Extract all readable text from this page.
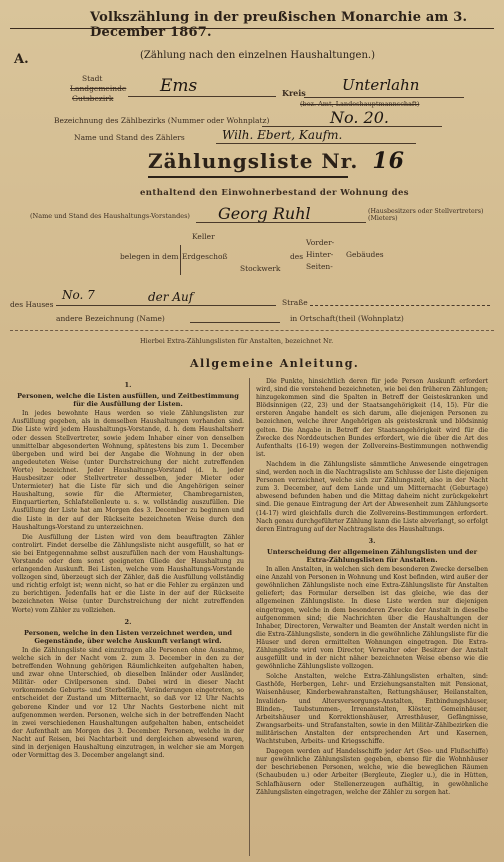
Volkszählung in der preußischen Monarchie am 3. December 1867.
A.	(Zählung nach den einzelnen Haushaltungen.)
Stadt
Landgemeinde
Gutsbezirk
Ems	Kreis Unterlahn
(bez. Amt, Landeshauptmannschaft)
Bezeichnung des Zählbezirks (Nummer oder Wohnplatz)	No. 20.
Name und Stand des Zählers	Wilh. Ebert, Kaufm.
Zählungsliste Nr. 16
enthaltend den Einwohnerbestand der Wohnung des
(Name und Stand des Haushaltungs-Vorstandes) Georg Ruhl	(Hausbesitzers oder Stellvertreters) (Mieters)
Keller
belegen in dem Erdgeschoß
Stockwerk
des
Vorder-
Hinter-
Seiten-
Gebäudes
des Hauses
No. 7	der Auf	Straße
andere Bezeichnung (Name)	in Ortschaft(theil (Wohnplatz)
Hierbei Extra-Zählungslisten für Anstalten, bezeichnet Nr.
Allgemeine Anleitung.
1.
Personen, welche die Listen ausfüllen, und Zeitbestimmung für die Ausfüllung der Listen.
In jedes bewohnte Haus werden so viele Zählungslisten zur Ausfüllung gegeben, als in demselben Haushaltungen vorhanden sind. Die Liste wird jedem Haushaltungs-Vorstande, d. h. dem Haushaltsherr oder dessen Stellvertreter, sowie jedem Inhaber einer von denselben unmittelbar abgesonderten Wohnung, spätestens bis zum 1. December übergeben und wird bei der Angabe die Wohnung in der oben angedeuteten Weise (unter Durchstreichung der nicht zutreffenden Worte) bezeichnet. Jeder Haushaltungs-Vorstand (d. h. jeder Hausbesitzer oder Stellvertreter desselben, jeder Mieter oder Untermieter) hat die Liste für sich und die Angehörigen seiner Haushaltung, sowie für die Aftermieter, Chambregarnisten, Einquartierten, Schlafstellenleute u. s. w. vollständig auszufüllen. Die Ausfüllung der Liste hat am Morgen des 3. December zu beginnen und die Liste in der auf der Rückseite bezeichneten Weise durch den Haushaltungs-Vorstand zu unterzeichnen.
Die Ausfüllung der Listen wird von dem beauftragten Zähler controlirt. Findet derselbe die Zählungsliste nicht ausgefüllt, so hat er sie bei Entgegennahme selbst auszufüllen nach der vom Haushaltungs-Vorstande oder dem sonst geeigneten Gliede der Haushaltung zu erlangenden Auskunft. Bei Listen, welche vom Haushaltungs-Vorstande vollzogen sind, überzeugt sich der Zähler, daß die Ausfüllung vollständig und richtig erfolgt ist; wenn nicht, so hat er die Fehler zu ergänzen und zu berichtigen. Jedenfalls hat er die Liste in der auf der Rückseite bezeichneten Weise (unter Durchstreichung der nicht zutreffenden Worte) vom Zähler zu vollziehen.
2.
Personen, welche in den Listen verzeichnet werden, und Gegenstände, über welche Auskunft verlangt wird.
In die Zählungsliste sind einzutragen alle Personen ohne Ausnahme, welche sich in der Nacht vom 2. zum 3. December in den zu der betreffenden Wohnung gehörigen Räumlichkeiten aufgehalten haben, und zwar ohne Unterschied, ob dieselben Inländer oder Ausländer, Militär- oder Civilpersonen sind. Dabei wird in dieser Nacht vorkommende Geburts- und Sterbefälle, Veränderungen eingetreten, so entscheidet der Zustand um Mitternacht, so daß vor 12 Uhr Nachts geborene Kinder und vor 12 Uhr Nachts Gestorbene nicht mit aufgenommen werden. Personen, welche sich in der betreffenden Nacht in zwei verschiedenen Haushaltungen aufgehalten haben, entscheidet der Aufenthalt am Morgen des 3. December. Personen, welche in der Nacht auf Reisen, bei Nachtarbeit und dergleichen abwesend waren, sind in derjenigen Haushaltung einzutragen, in welcher sie am Morgen oder Vormittag des 3. December angelangt sind.
Die Punkte, hinsichtlich deren für jede Person Auskunft erfordert wird, sind die vorstehend bezeichneten, wie bei den früheren Zählungen; hinzugekommen sind die Spalten in Betreff der Geisteskranken und Blödsinnigen (22, 23) und der Staatsangehörigkeit (14, 15). Für die ersteren Angabe handelt es sich darum, alle diejenigen Personen zu bezeichnen, welche ihrer Angehörigen als geisteskrank und blödsinnig gelten. Die Angabe in Betreff der Staatsangehörigkeit wird für die Zwecke des Norddeutschen Bundes erfordert, wie die über die Art des Aufenthalts (16-19) wegen der Zollvereins-Bestimmungen nothwendig ist.
Nachdem in die Zählungsliste sämmtliche Anwesende eingetragen sind, werden noch in die Nachtragsliste am Schlusse der Liste diejenigen Personen verzeichnet, welche sich zur Zählungszeit, also in der Nacht zum 3. December, auf dem Lande und um Mitternacht (Geburtage) abwesend befunden haben und die Mittag daheim nicht zurückgekehrt sind. Die genaue Eintragung der Art der Abwesenheit zum Zählungsorte (14-17) wird gleichfalls durch die Zollvereins-Bestimmungen erfordert. Nach genau durchgeführter Zählung kann die Liste abverlangt, so erfolgt deren Eintragung auf der Nachtragsliste des Haushaltungs.
3.
Unterscheidung der allgemeinen Zählungslisten und der Extra-Zählungslisten für Anstalten.
In allen Anstalten, in welchen sich dem besonderen Zwecke derselben eine Anzahl von Personen in Wohnung und Kost befinden, wird außer der gewöhnlichen Zählungsliste noch eine Extra-Zählungsliste für Anstalten geliefert; das Formular derselben ist das gleiche, wie das der allgemeinen Zählungsliste. In diese Liste werden nur diejenigen eingetragen, welche in dem besonderen Zwecke der Anstalt in dieselbe aufgenommen sind; die Nachrichten über die Haushaltungen der Inhaber, Directoren, Verwalter und Beamten der Anstalt werden nicht in die Extra-Zählungsliste, sondern in die gewöhnliche Zählungsliste für die Häuser und deren ermittelten Wohnungen eingetragen. Die Extra-Zählungsliste wird vom Director, Verwalter oder Besitzer der Anstalt ausgefüllt und in der nicht näher bezeichneten Weise ebenso wie die gewöhnliche Zählungsliste vollzogen.
Solche Anstalten, welche Extra-Zählungslisten erhalten, sind: Gasthöfe, Herbergen, Lehr- und Erziehungsanstalten mit Pensionat, Waisenhäuser, Kinderbewahranstalten, Rettungshäuser, Heilanstalten, Invaliden- und Altersversorgungs-Anstalten, Entbindungshäuser, Blinden-, Taubstummen-, Irrenanstalten, Klöster, Gemeinhäuser, Arbeitshäuser und Korrektionshäuser, Arresthäuser, Gefängnisse, Zwangsarbeits- und Strafanstalten, sowie in den Militär-Zählbezirken die militärischen Anstalten der entsprechenden Art und Kasernen, Wachtstuben, Arbeits- und Kriegsschiffe.
Dagegen werden auf Handelsschiffe jeder Art (See- und Flußschiffe) nur gewöhnliche Zählungslisten gegeben, ebenso für die Wohnhäuser der beschriebenen Personen, welche, wie die beweglichen Räumen (Schaubuden u.) oder Arbeiter (Bergleute, Ziegler u.), die in Hütten, Schlafhäusern oder Stellenerzeugen aufhältig, in gewöhnliche Zählungslisten eingetragen, welche der Zähler zu sorgen hat.
